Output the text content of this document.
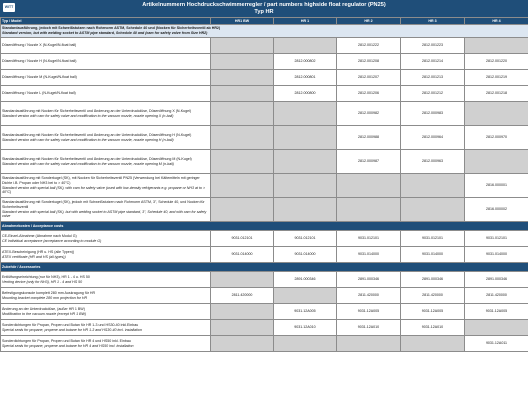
WITT	Artikelnummern Hochdruckschwimmerregler / part numbers highside float regulator (PN25)
Typ HR
Typ / Model	HR1 BW	HR 1	HR 2	HR 3	HR 4

Standardausführung, jedoch mit Schweißstutzen nach Rohrnorm ASTM, Schedule 40 und (Nocken für Sicherheitsventil ab HR2)
Standard version, but with welding socket to ASTM pipe standard, Schedule 40 and (cam for safety valve from Size HR2)					

Düsenöffnung / Nozzle X (N-Kugel/N-float ball)			2812.001222	2812.001223	

Düsenöffnung / Nozzle H (N-Kugel/N-float ball)		2812.000802	2812.001208	2812.001214	2812.001220

Düsenöffnung / Nozzle M (N-Kugel/N-float ball)		2812.000801	2812.001207	2812.001213	2812.001219

Düsenöffnung / Nozzle L (N-Kugel/N-float ball)		2812.000800	2812.001206	2812.001212	2812.001218

Standardausführung mit Nocken für Sicherheitsventil und Änderung an der Unterdruckdüse, Düsenöffnung X (N-Kugel)
Standard version with cam for safety valve and modification to the vacuum nozzle, nozzle opening X (n-ball)			2812.000982	2812.000983	

Standardausführung mit Nocken für Sicherheitsventil und Änderung an der Unterdruckdüse, Düsenöffnung H (N-Kugel)
Standard version with cam for safety valve and modification to the vacuum nozzle, nozzle opening H (n-ball)			2812.000988	2812.000964	2812.000970

Standardausführung mit Nocken für Sicherheitsventil und Änderung an der Unterdruckdüse, Düsenöffnung M (N-Kugel)
Standard version with cam for safety valve and modification to the vacuum nozzle, nozzle opening M (n-ball)			2812.000987	2812.000963	

Standardausführung mit Sonderkugel (SK), mit Nocken für Sicherheitsventil PN25 (Verwendung bei Kältemitteln mit geringer Dichte i.B. Propan oder NH3 bei to > 40°C)
Standard version with special ball (SK), with cam for safety valve (used with low-density refrigerants e.g. propane or NH3 at to > 40°C)					2816.000001

Standardausführung mit Sonderkugel (SK), jedoch mit Schweißstutzen nach Rohrnorm ASTM, 3", Schedule 40, und Nocken für Sicherheitsventil
Standard version with special ball (SK), but with welding socket to ASTM pipe standard, 3", Schedule 40, and with cam for safety valve					2816.000002
Abnahmekosten / Acceptance costs					

CE-Einzel-Abnahme (Abnahme nach Modul G)
CE individual acceptance (acceptance according to module G)	9031.012101	9031.012101	9031.012101	9031.012101	9031.012101

ATEX-Bescheinigung (HR u. HS (alle Typen))
ATEX certificate (HR and HS (all types))	9031.014000	9031.014000	9031.014000	9031.014000	9031.014000
Zubehör / Accessories					

Entlüftungseinrichtung (nur für NH3), HR 1 - 4 u. HS 50
Venting device (only for NH3), HR 1 - 4 and HS 50		2891.000346	2891.000346	2891.000346	2891.000346

Befestigungskonsole komplett 280 mm Auskragung für HR
Mounting bracket complete 280 mm projection for HR	2811.420000		2811.420000	2811.420000	2811.420000

Änderung an der Unterdruckdüse, (außer HR 1 BW)
Modification to the vacuum nozzle (except HR 1 BW)		9031.12A005	9031.12A005	9031.12A005	9031.12A005

Sonderdichtungen für Propan, Propen und Butan für HR 1-3 und HS30-40 inkl.Einbau
Special seals for propane, propene and butane for HR 1-3 and HS30-40 incl. installation		9031.12A010	9031.12A010	9031.12A010	

Sonderdichtungen für Propan, Propen und Butan für HR 4 und HS50 inkl. Einbau
Special seals for propane, propene and butane for HR 4 and HS50 incl. installation					9031.12A011
